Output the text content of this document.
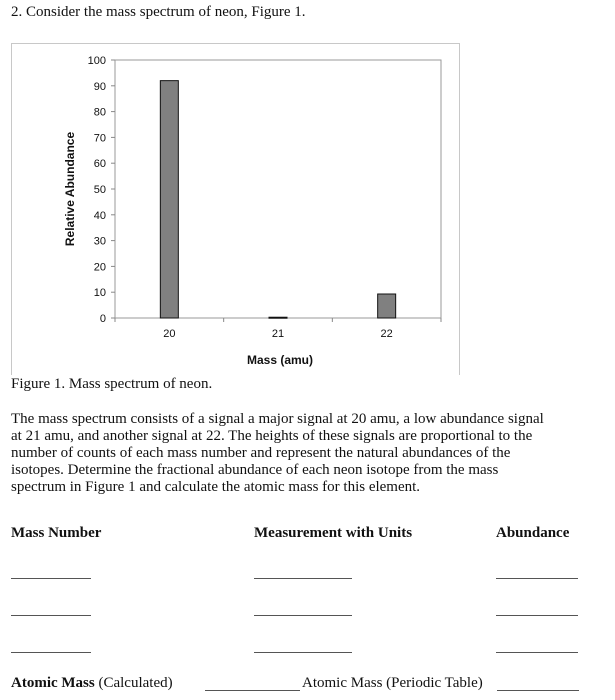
2. Consider the mass spectrum of neon, Figure 1.
0
10
20
30
40
50
60
70
80
90
100
20	21	22
Relative Abundance
Mass (amu)
Figure 1. Mass spectrum of neon.
The mass spectrum consists of a signal a major signal at 20 amu, a low abundance signal
at 21 amu, and another signal at 22. The heights of these signals are proportional to the
number of counts of each mass number and represent the natural abundances of the
isotopes. Determine the fractional abundance of each neon isotope from the mass
spectrum in Figure 1 and calculate the atomic mass for this element.
Mass Number	Measurement with Units	Abundance
Atomic Mass (Calculated)	Atomic Mass (Periodic Table)
